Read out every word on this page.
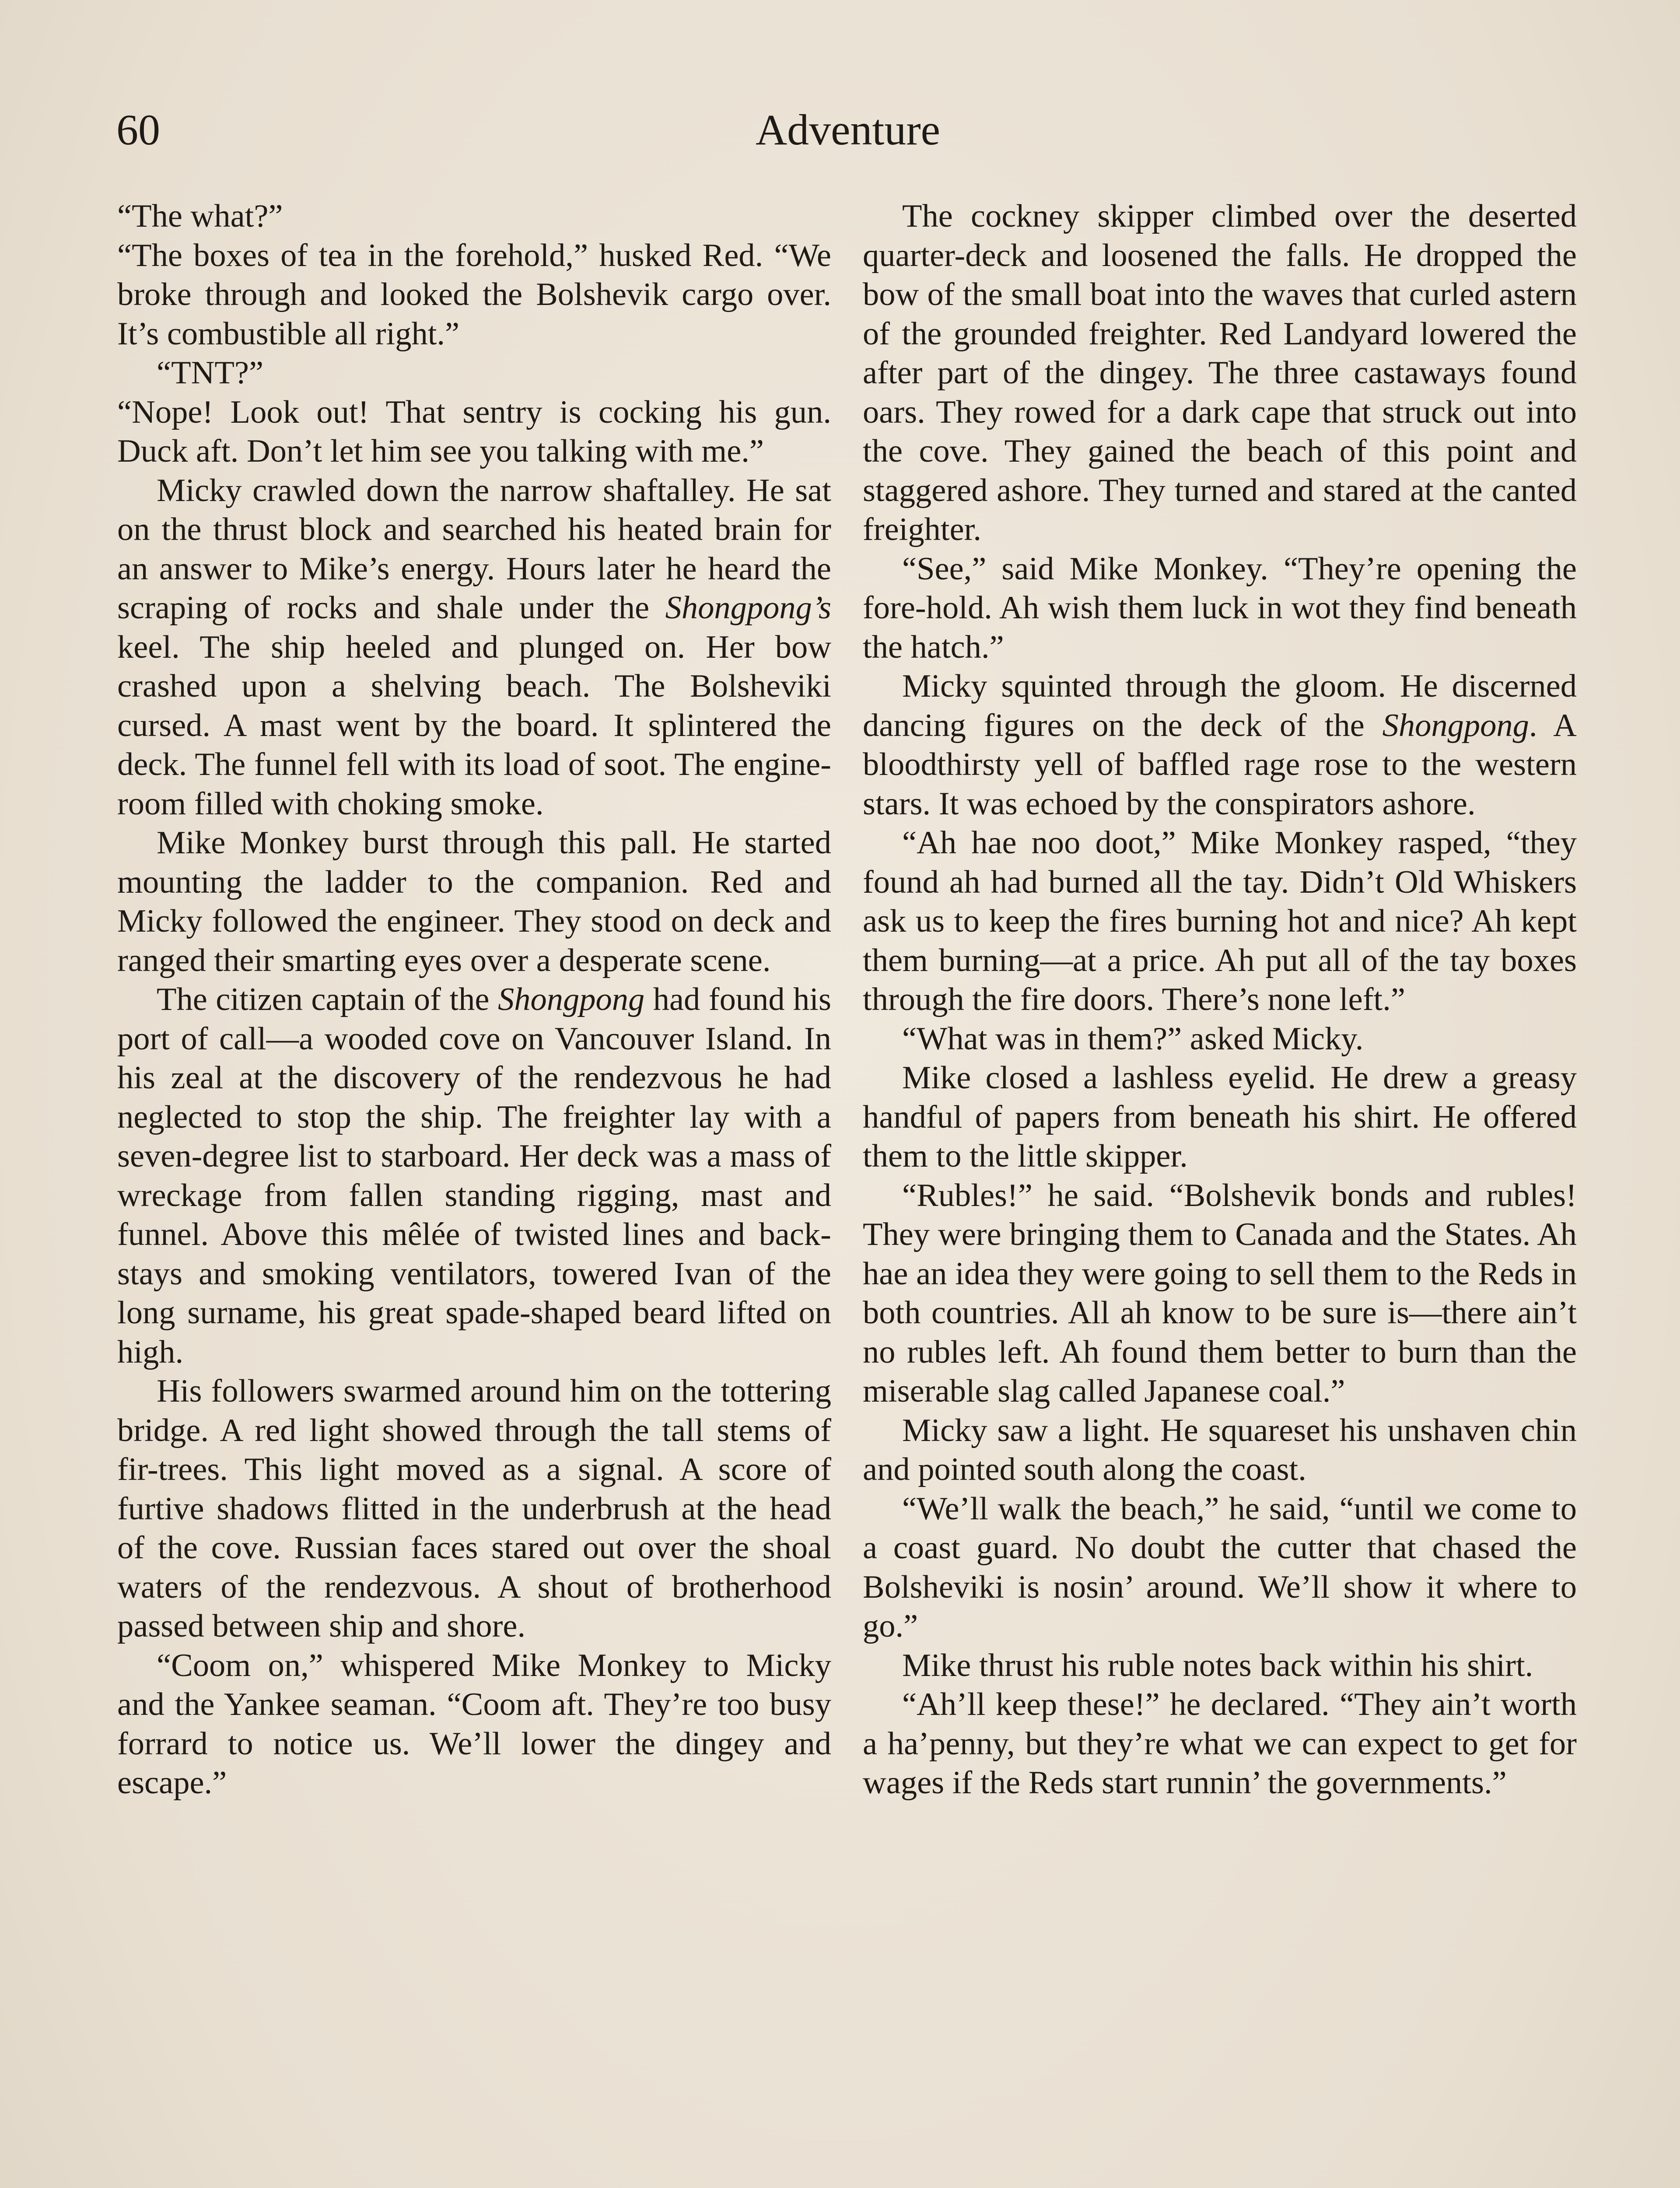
60	Adventure

“The what?”

“The boxes of tea in the forehold,” husked Red. “We broke through and looked the Bolshevik cargo over. It’s combustible all right.”

“TNT?”

“Nope! Look out! That sentry is cocking his gun. Duck aft. Don’t let him see you talking with me.”

Micky crawled down the narrow shaftalley. He sat on the thrust block and searched his heated brain for an answer to Mike’s energy. Hours later he heard the scraping of rocks and shale under the Shongpong’s keel. The ship heeled and plunged on. Her bow crashed upon a shelving beach. The Bolsheviki cursed. A mast went by the board. It splintered the deck. The funnel fell with its load of soot. The engine-room filled with choking smoke.

Mike Monkey burst through this pall. He started mounting the ladder to the companion. Red and Micky followed the engineer. They stood on deck and ranged their smarting eyes over a desperate scene.

The citizen captain of the Shongpong had found his port of call—a wooded cove on Vancouver Island. In his zeal at the discovery of the rendezvous he had neglected to stop the ship. The freighter lay with a seven-degree list to starboard. Her deck was a mass of wreckage from fallen standing rigging, mast and funnel. Above this mêlée of twisted lines and back-stays and smoking ventilators, towered Ivan of the long surname, his great spade-shaped beard lifted on high.

His followers swarmed around him on the tottering bridge. A red light showed through the tall stems of fir-trees. This light moved as a signal. A score of furtive shadows flitted in the underbrush at the head of the cove. Russian faces stared out over the shoal waters of the rendezvous. A shout of brotherhood passed between ship and shore.

“Coom on,” whispered Mike Monkey to Micky and the Yankee seaman. “Coom aft. They’re too busy forrard to notice us. We’ll lower the dingey and escape.”

The cockney skipper climbed over the deserted quarter-deck and loosened the falls. He dropped the bow of the small boat into the waves that curled astern of the grounded freighter. Red Landyard lowered the after part of the dingey. The three castaways found oars. They rowed for a dark cape that struck out into the cove. They gained the beach of this point and staggered ashore. They turned and stared at the canted freighter.

“See,” said Mike Monkey. “They’re opening the fore-hold. Ah wish them luck in wot they find beneath the hatch.”

Micky squinted through the gloom. He discerned dancing figures on the deck of the Shongpong. A bloodthirsty yell of baffled rage rose to the western stars. It was echoed by the conspirators ashore.

“Ah hae noo doot,” Mike Monkey rasped, “they found ah had burned all the tay. Didn’t Old Whiskers ask us to keep the fires burning hot and nice? Ah kept them burning—at a price. Ah put all of the tay boxes through the fire doors. There’s none left.”

“What was in them?” asked Micky.

Mike closed a lashless eyelid. He drew a greasy handful of papers from beneath his shirt. He offered them to the little skipper.

“Rubles!” he said. “Bolshevik bonds and rubles! They were bringing them to Canada and the States. Ah hae an idea they were going to sell them to the Reds in both countries. All ah know to be sure is—there ain’t no rubles left. Ah found them better to burn than the miserable slag called Japanese coal.”

Micky saw a light. He squareset his unshaven chin and pointed south along the coast.

“We’ll walk the beach,” he said, “until we come to a coast guard. No doubt the cutter that chased the Bolsheviki is nosin’ around. We’ll show it where to go.”

Mike thrust his ruble notes back within his shirt.

“Ah’ll keep these!” he declared. “They ain’t worth a ha’penny, but they’re what we can expect to get for wages if the Reds start runnin’ the governments.”
